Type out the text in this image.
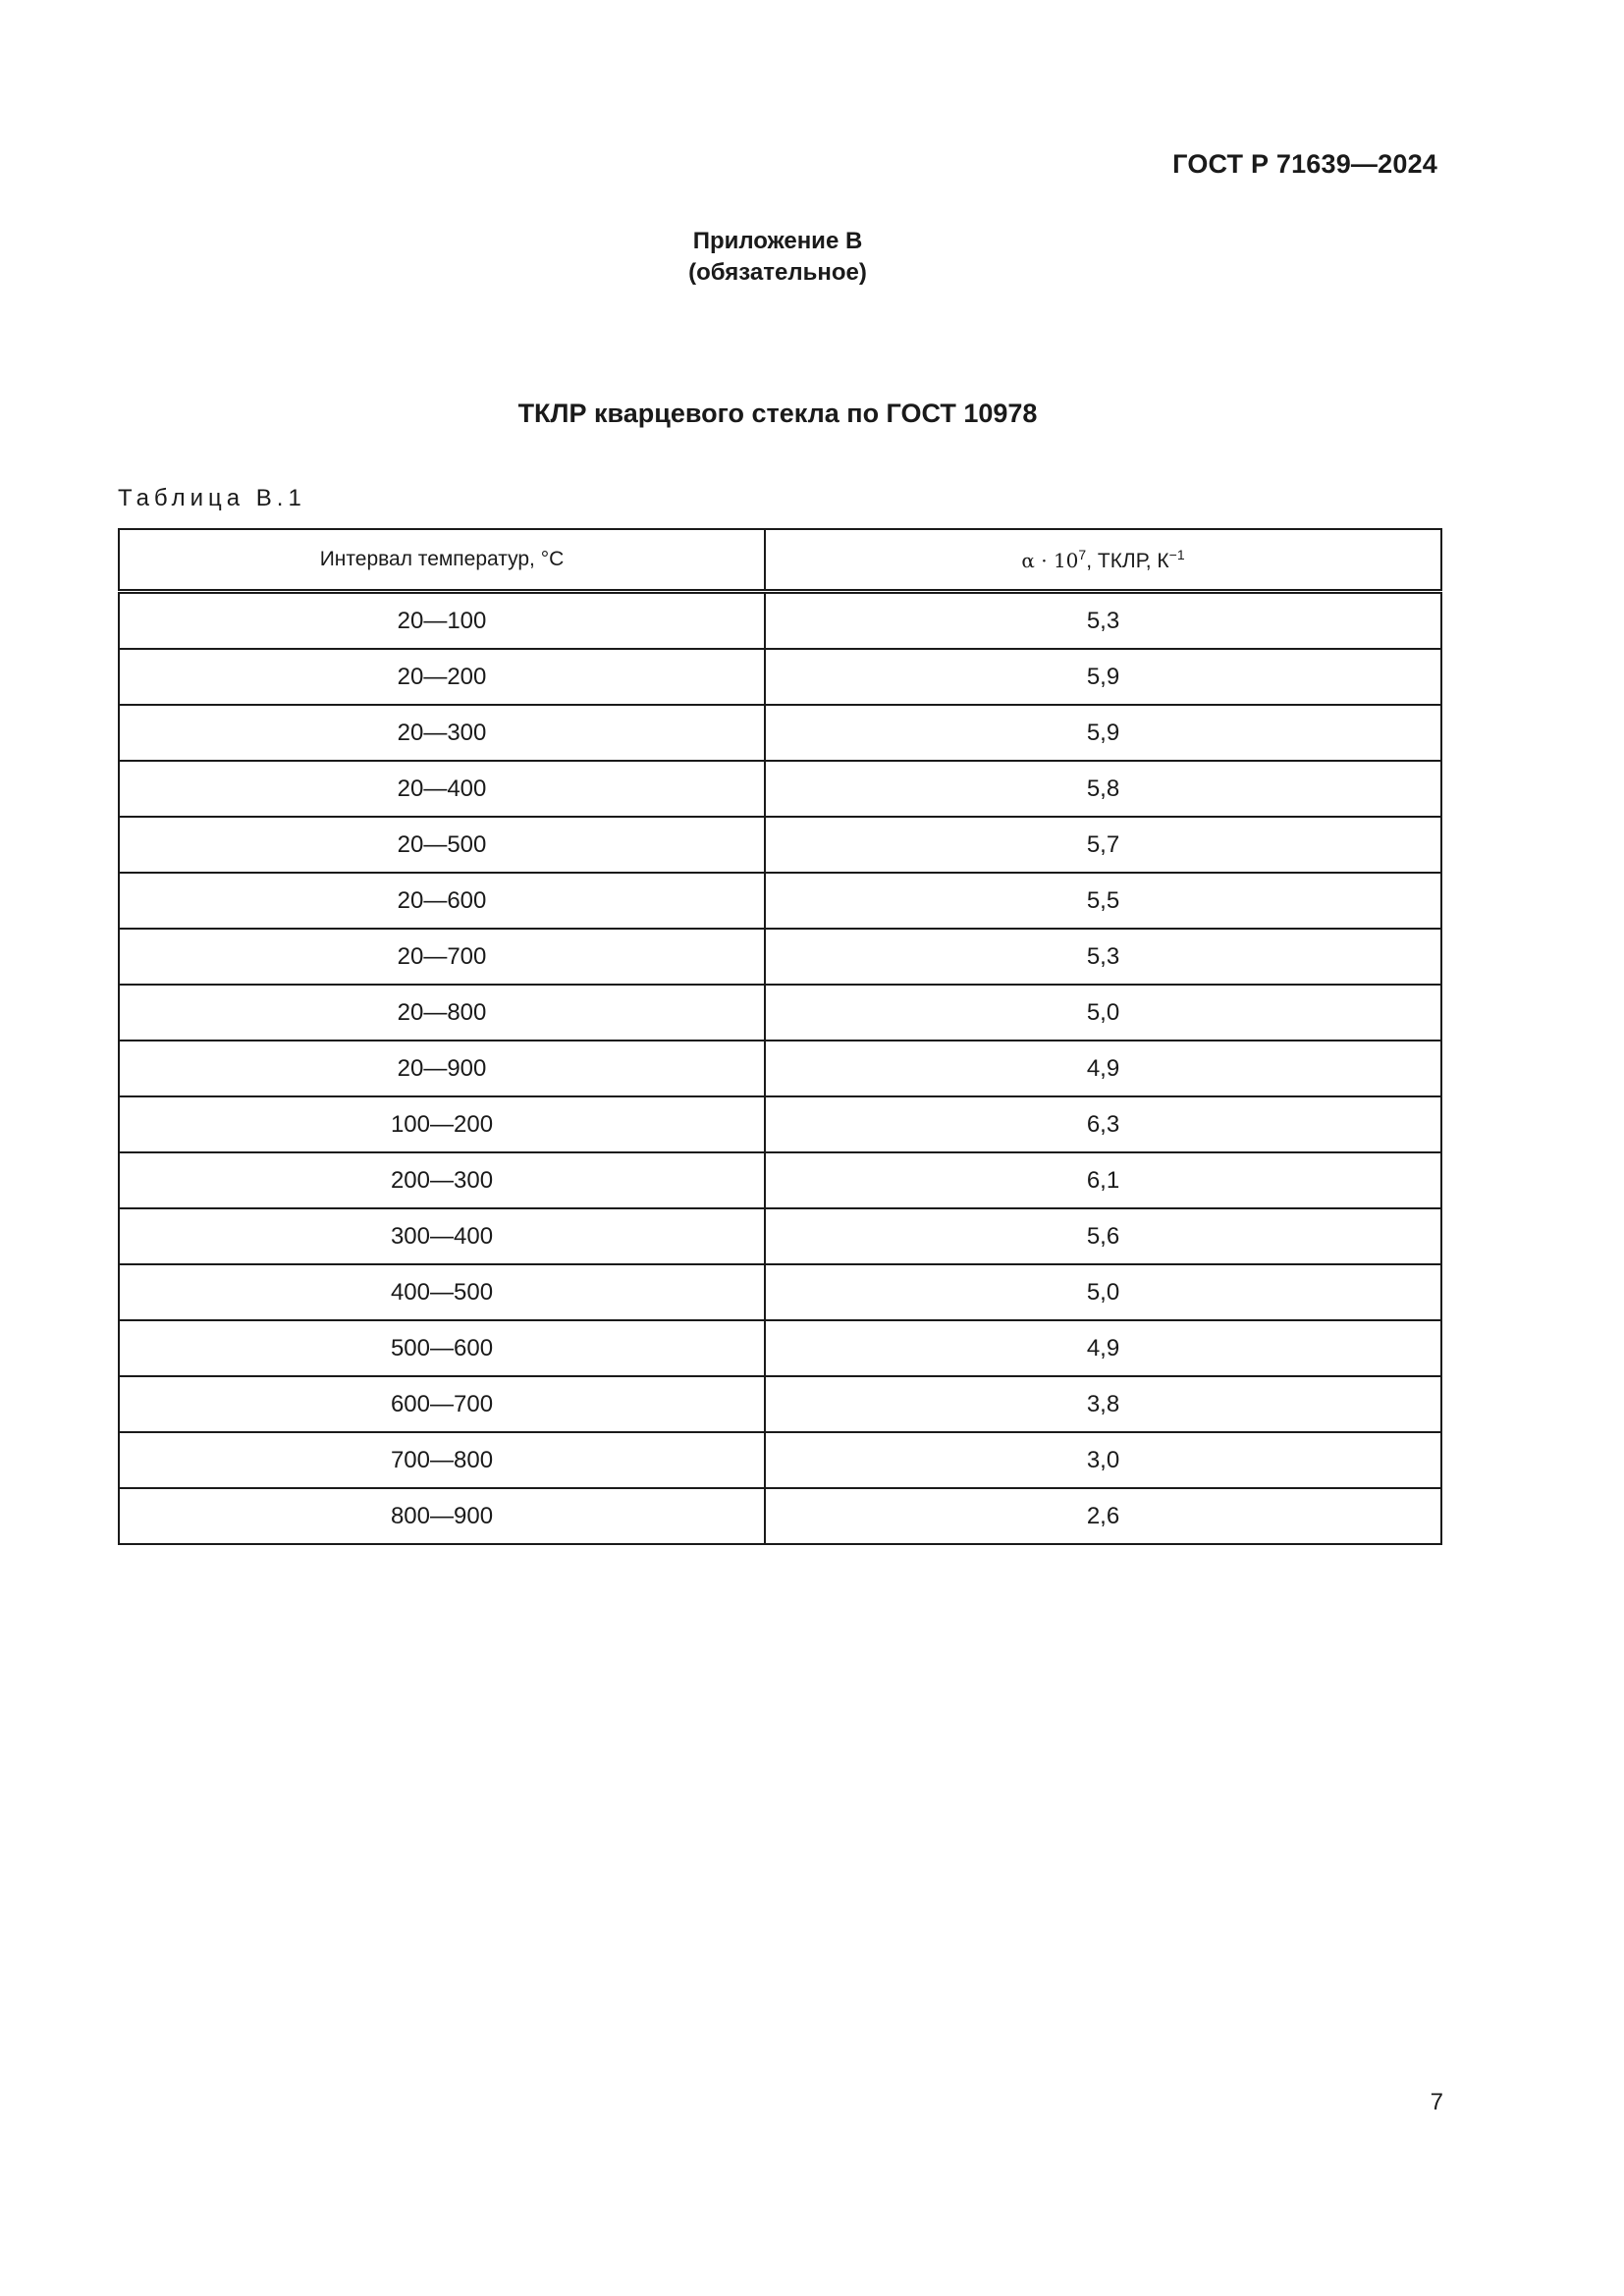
ГОСТ Р 71639—2024
Приложение В
(обязательное)
ТКЛР кварцевого стекла по ГОСТ 10978
Таблица В.1
Интервал температур, °С	$\alpha \cdot 10^7$, ТКЛР, $К^{-1}$
20—100	5,3
20—200	5,9
20—300	5,9
20—400	5,8
20—500	5,7
20—600	5,5
20—700	5,3
20—800	5,0
20—900	4,9
100—200	6,3
200—300	6,1
300—400	5,6
400—500	5,0
500—600	4,9
600—700	3,8
700—800	3,0
800—900	2,6
7
